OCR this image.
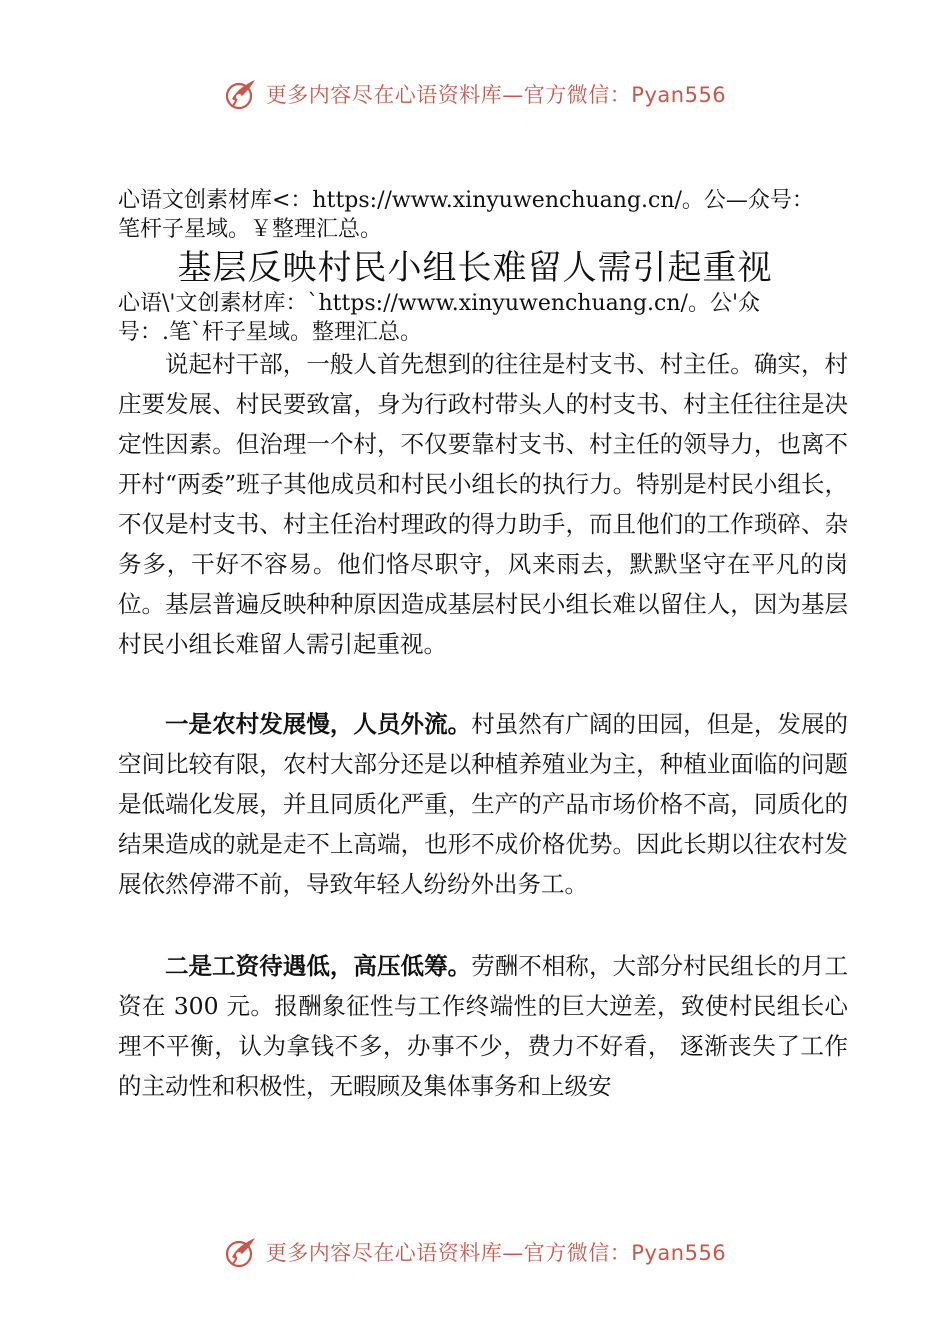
更多内容尽在心语资料库—官方微信：Pyan556

心语文创素材库<：https://www.xinyuwenchuang.cn/。公—众号：

笔杆子星域。￥整理汇总。

基层反映村民小组长难留人需引起重视

心语\'文创素材库：`https://www.xinyuwenchuang.cn/。公'众

号：.笔`杆子星域。整理汇总。

说起村干部，一般人首先想到的往往是村支书、村主任。确实，村庄要发展、村民要致富，身为行政村带头人的村支书、村主任往往是决定性因素。但治理一个村，不仅要靠村支书、村主任的领导力，也离不开村“两委”班子其他成员和村民小组长的执行力。特别是村民小组长，不仅是村支书、村主任治村理政的得力助手，而且他们的工作琐碎、杂务多，干好不容易。他们恪尽职守，风来雨去，默默坚守在平凡的岗位。基层普遍反映种种原因造成基层村民小组长难以留住人，因为基层村民小组长难留人需引起重视。

一是农村发展慢，人员外流。村虽然有广阔的田园，但是，发展的空间比较有限，农村大部分还是以种植养殖业为主，种植业面临的问题是低端化发展，并且同质化严重，生产的产品市场价格不高，同质化的结果造成的就是走不上高端，也形不成价格优势。因此长期以往农村发展依然停滞不前，导致年轻人纷纷外出务工。

二是工资待遇低，高压低筹。劳酬不相称，大部分村民组长的月工资在 300 元。报酬象征性与工作终端性的巨大逆差，致使村民组长心理不平衡，认为拿钱不多，办事不少，费力不好看， 逐渐丧失了工作的主动性和积极性，无暇顾及集体事务和上级安

更多内容尽在心语资料库—官方微信：Pyan556
